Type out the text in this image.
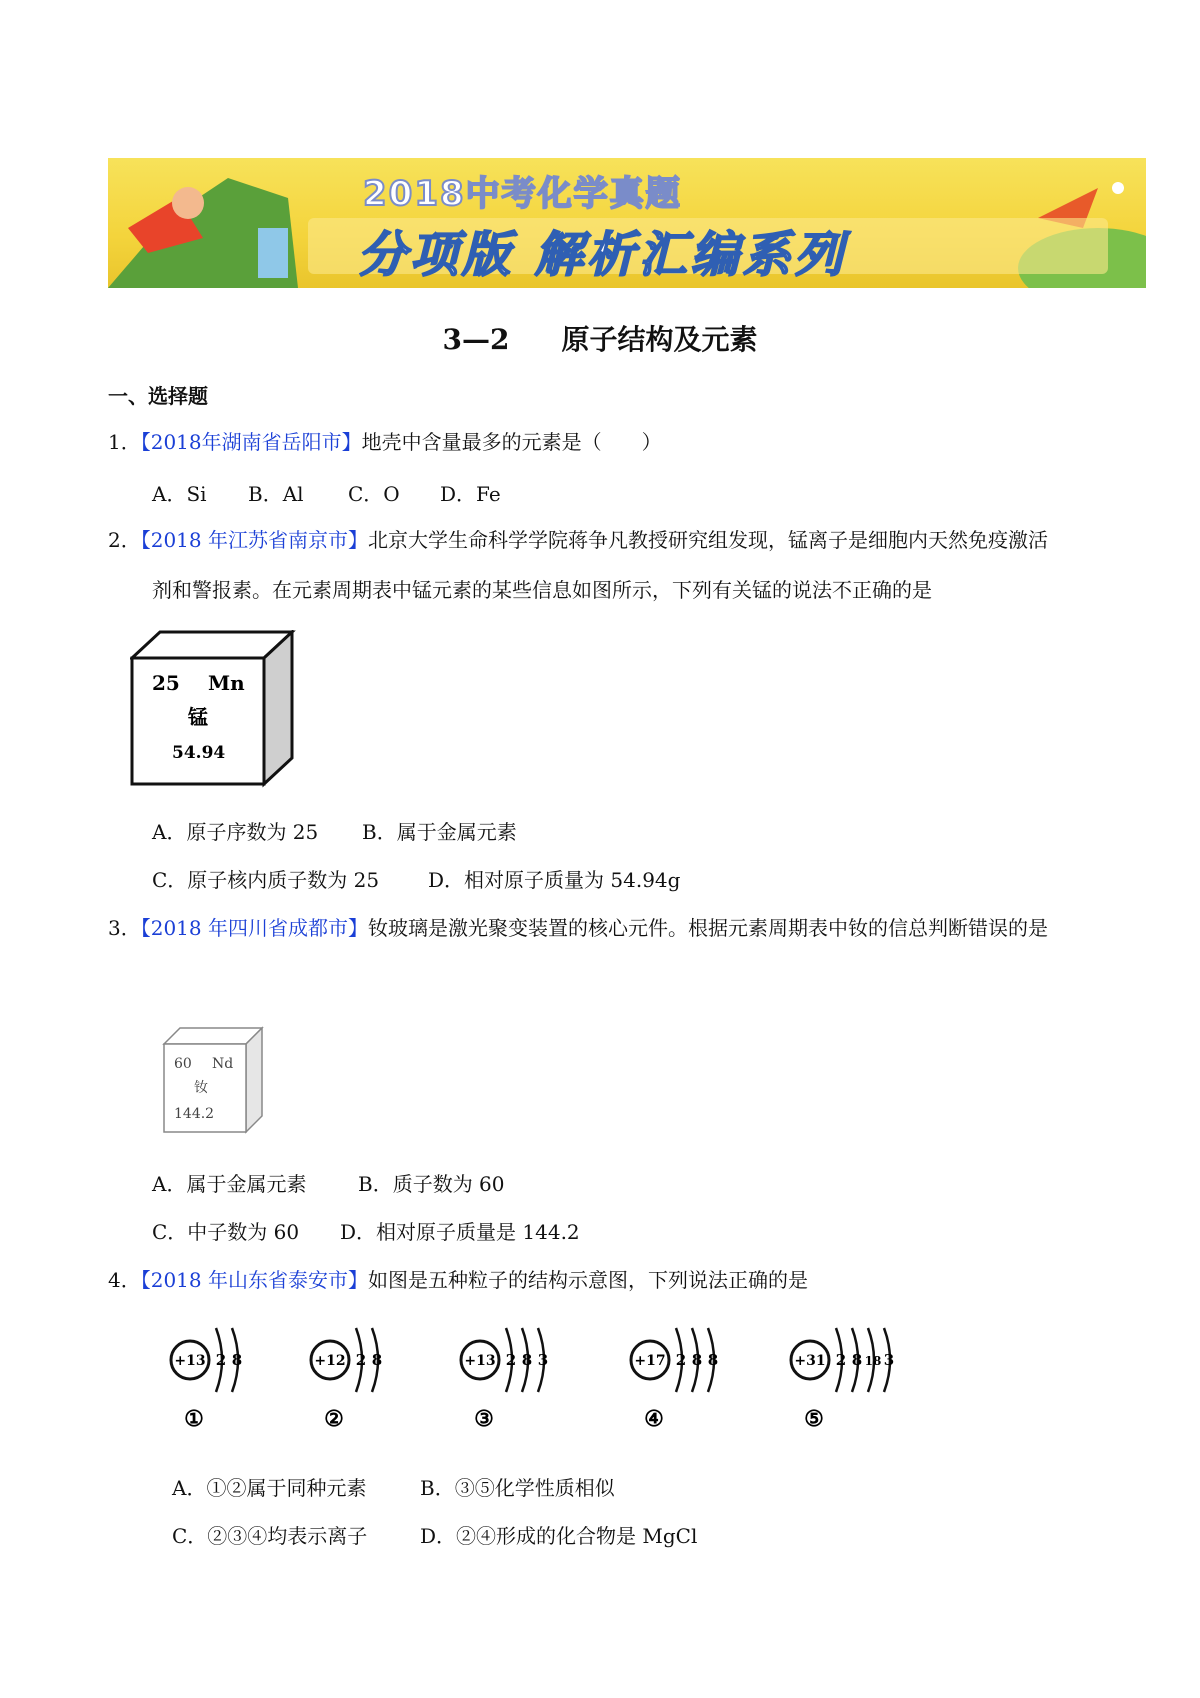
2018中考化学真题
分项版 解析汇编系列
3—2 原子结构及元素
一、选择题
1．【2018年湖南省岳阳市】地壳中含量最多的元素是（　　）
A．Si B．Al C．O D．Fe
2．【2018 年江苏省南京市】北京大学生命科学学院蒋争凡教授研究组发现，锰离子是细胞内天然免疫激活
剂和警报素。在元素周期表中锰元素的某些信息如图所示，下列有关锰的说法不正确的是
25 Mn
锰
54.94
A．原子序数为 25 B．属于金属元素
C．原子核内质子数为 25 D．相对原子质量为 54.94g
3．【2018 年四川省成都市】钕玻璃是激光聚变装置的核心元件。根据元素周期表中钕的信总判断错误的是
60 Nd
钕
144.2
A．属于金属元素	B．质子数为 60
C．中子数为 60 D．相对原子质量是 144.2
4．【2018 年山东省泰安市】如图是五种粒子的结构示意图，下列说法正确的是
+13 2 8
①
+12 2 8
②
+13 2 8 3
③
+17 2 8 8
④
+31 2 8 18 3
⑤
A．①②属于同种元素	B．③⑤化学性质相似
C．②③④均表示离子	D．②④形成的化合物是 MgCl
